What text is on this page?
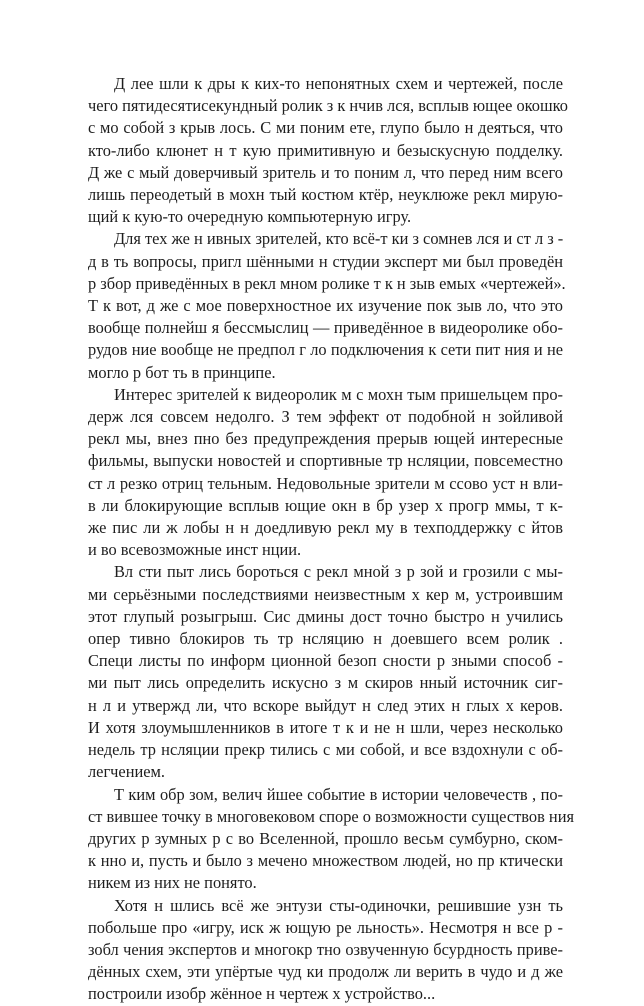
Д лее шли к дры к ких-то непонятных схем и чертежей, после
чего пятидесятисекундный ролик з к нчив лся, всплыв ющее окошко
с мо собой з крыв лось. С ми поним ете, глупо было н деяться, что
кто-либо клюнет н т кую примитивную и безыскусную подделку.
Д же с мый доверчивый зритель и то поним л, что перед ним всего
лишь переодетый в мохн тый костюм ктёр, неуклюже рекл мирую-
щий к кую-то очередную компьютерную игру.
Для тех же н ивных зрителей, кто всё-т ки з сомнев лся и ст л з -
д в ть вопросы, пригл шёнными н студии эксперт ми был проведён
р збор приведённых в рекл мном ролике т к н зыв емых «чертежей».
Т к вот, д же с мое поверхностное их изучение пок зыв ло, что это
вообще полнейш я бессмыслиц — приведённое в видеоролике обо-
рудов ние вообще не предпол г ло подключения к сети пит ния и не
могло р бот ть в принципе.
Интерес зрителей к видеоролик м с мохн тым пришельцем про-
держ лся совсем недолго. З тем эффект от подобной н зойливой
рекл мы, внез пно без предупреждения прерыв ющей интересные
фильмы, выпуски новостей и спортивные тр нсляции, повсеместно
ст л резко отриц тельным. Недовольные зрители м ссово уст н вли-
в ли блокирующие всплыв ющие окн в бр узер х прогр ммы, т к-
же пис ли ж лобы н н доедливую рекл му в техподдержку с йтов
и во всевозможные инст нции.
Вл сти пыт лись бороться с рекл мной з р зой и грозили с мы-
ми серьёзными последствиями неизвестным х кер м, устроившим
этот глупый розыгрыш. Сис дмины дост точно быстро н учились
опер тивно блокиров ть тр нсляцию н доевшего всем ролик .
Специ листы по информ ционной безоп сности р зными способ -
ми пыт лись определить искусно з м скиров нный источник сиг-
н л и утвержд ли, что вскоре выйдут н след этих н глых х керов.
И хотя злоумышленников в итоге т к и не н шли, через несколько
недель тр нсляции прекр тились с ми собой, и все вздохнули с об-
легчением.
Т ким обр зом, велич йшее событие в истории человечеств , по-
ст вившее точку в многовековом споре о возможности существов ния
других р зумных р с во Вселенной, прошло весьм сумбурно, ском-
к нно и, пусть и было з мечено множеством людей, но пр ктически
никем из них не понято.
Хотя н шлись всё же энтузи сты-одиночки, решившие узн ть
побольше про «игру, иск ж ющую ре льность». Несмотря н все р -
зобл чения экспертов и многокр тно озвученную бсурдность приве-
дённых схем, эти упёртые чуд ки продолж ли верить в чудо и д же
построили изобр жённое н чертеж х устройство...
